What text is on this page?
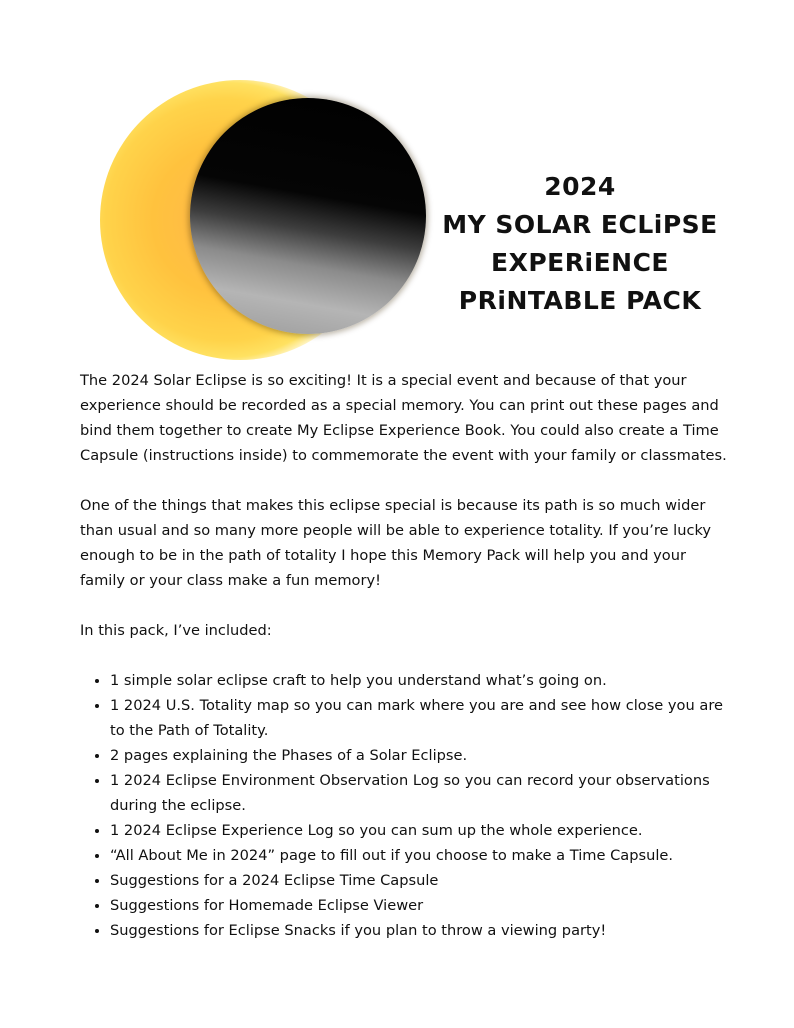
2024
MY SOLAR ECLiPSE
EXPERiENCE
PRiNTABLE PACK

The 2024 Solar Eclipse is so exciting! It is a special event and because of that your experience should be recorded as a special memory. You can print out these pages and bind them together to create My Eclipse Experience Book. You could also create a Time Capsule (instructions inside) to commemorate the event with your family or classmates.

One of the things that makes this eclipse special is because its path is so much wider than usual and so many more people will be able to experience totality. If you’re lucky enough to be in the path of totality I hope this Memory Pack will help you and your family or your class make a fun memory!

In this pack, I’ve included:

• 1 simple solar eclipse craft to help you understand what’s going on.
• 1 2024 U.S. Totality map so you can mark where you are and see how close you are to the Path of Totality.
• 2 pages explaining the Phases of a Solar Eclipse.
• 1 2024 Eclipse Environment Observation Log so you can record your observations during the eclipse.
• 1 2024 Eclipse Experience Log so you can sum up the whole experience.
• “All About Me in 2024” page to fill out if you choose to make a Time Capsule.
• Suggestions for a 2024 Eclipse Time Capsule
• Suggestions for Homemade Eclipse Viewer
• Suggestions for Eclipse Snacks if you plan to throw a viewing party!
